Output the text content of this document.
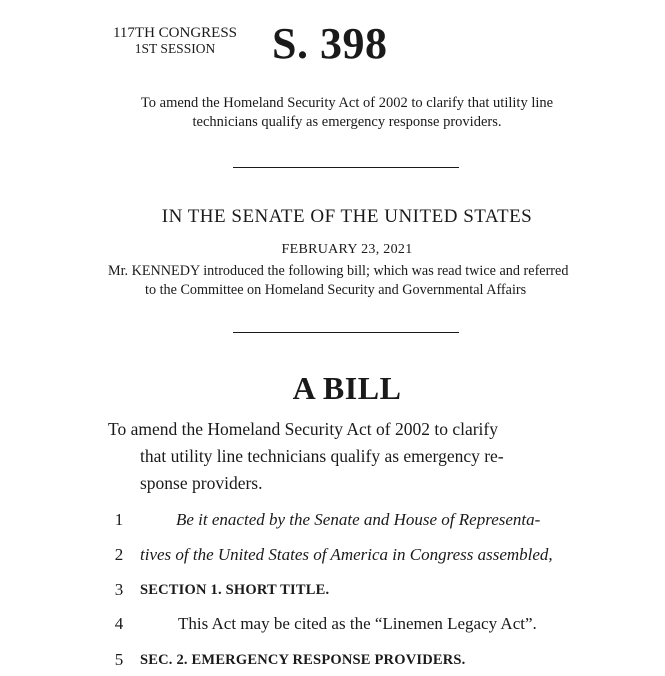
117TH CONGRESS
1ST SESSION	S. 398
To amend the Homeland Security Act of 2002 to clarify that utility line
technicians qualify as emergency response providers.
IN THE SENATE OF THE UNITED STATES
FEBRUARY 23, 2021
Mr. KENNEDY introduced the following bill; which was read twice and referred
to the Committee on Homeland Security and Governmental Affairs
A BILL
To amend the Homeland Security Act of 2002 to clarify
that utility line technicians qualify as emergency re-
sponse providers.
1	Be it enacted by the Senate and House of Representa-
2 tives of the United States of America in Congress assembled,
3	SECTION 1. SHORT TITLE.
4	This Act may be cited as the “Linemen Legacy Act”.
5	SEC. 2. EMERGENCY RESPONSE PROVIDERS.
